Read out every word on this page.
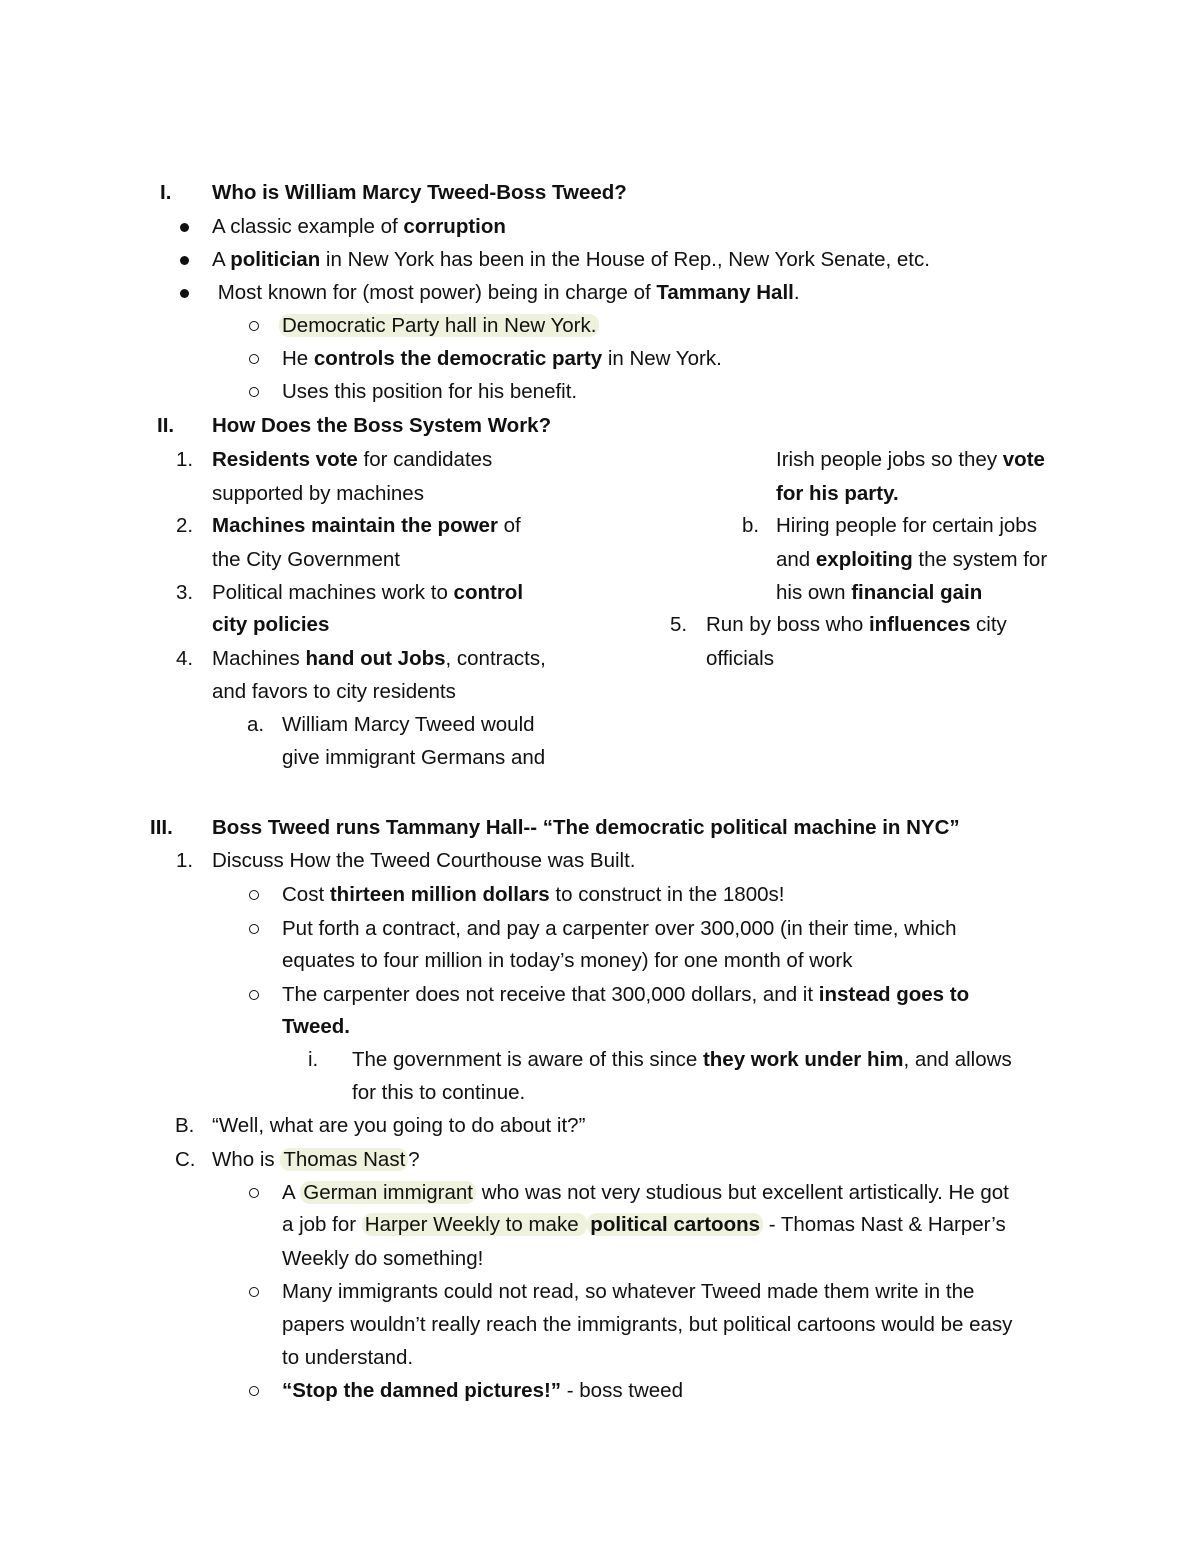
I. Who is William Marcy Tweed-Boss Tweed?
A classic example of corruption
A politician in New York has been in the House of Rep., New York Senate, etc.
Most known for (most power) being in charge of Tammany Hall.
Democratic Party hall in New York.
He controls the democratic party in New York.
Uses this position for his benefit.
II. How Does the Boss System Work?
1. Residents vote for candidates
supported by machines
2. Machines maintain the power of
the City Government
3. Political machines work to control
city policies
4. Machines hand out Jobs, contracts,
and favors to city residents
a. William Marcy Tweed would
give immigrant Germans and
Irish people jobs so they vote
for his party.
b. Hiring people for certain jobs
and exploiting the system for
his own financial gain
5. Run by boss who influences city
officials
III. Boss Tweed runs Tammany Hall-- “The democratic political machine in NYC”
1. Discuss How the Tweed Courthouse was Built.
Cost thirteen million dollars to construct in the 1800s!
Put forth a contract, and pay a carpenter over 300,000 (in their time, which
equates to four million in today’s money) for one month of work
The carpenter does not receive that 300,000 dollars, and it instead goes to
Tweed.
i. The government is aware of this since they work under him, and allows
for this to continue.
B. “Well, what are you going to do about it?”
C. Who is Thomas Nast ?
A German immigrant who was not very studious but excellent artistically. He got
a job for Harper Weekly to make political cartoons - Thomas Nast & Harper’s
Weekly do something!
Many immigrants could not read, so whatever Tweed made them write in the
papers wouldn’t really reach the immigrants, but political cartoons would be easy
to understand.
“Stop the damned pictures!” - boss tweed
